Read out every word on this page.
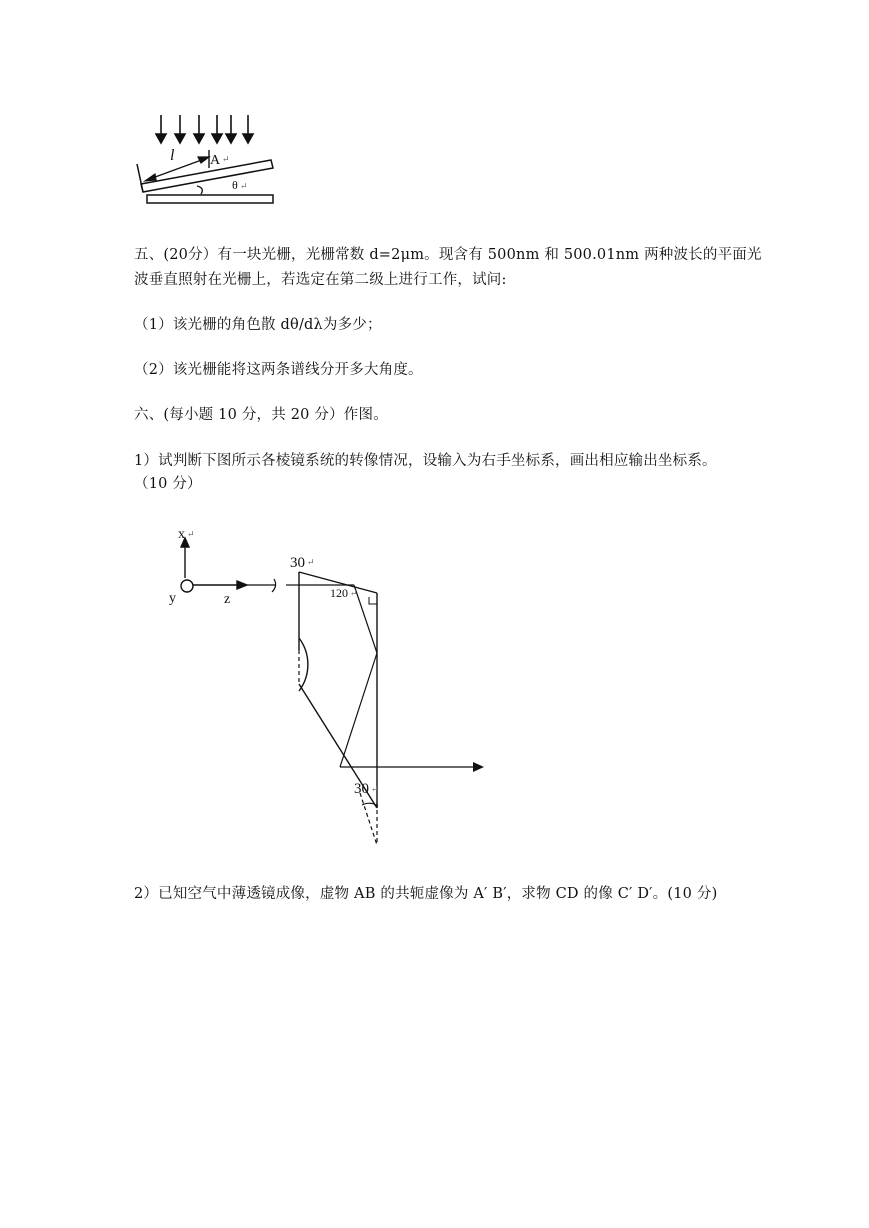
l	A ↵
θ ↵
五、(20分）有一块光栅，光栅常数 d=2μm。现含有 500nm 和 500.01nm 两种波长的平面光
波垂直照射在光栅上，若选定在第二级上进行工作，试问:
（1）该光栅的角色散 dθ/dλ为多少；
（2）该光栅能将这两条谱线分开多大角度。
六、(每小题 10 分，共 20 分）作图。
1）试判断下图所示各棱镜系统的转像情况，设输入为右手坐标系，画出相应输出坐标系。
（10 分）
x ↵
y	z
30 ↵
120 ↵
30 ↵
2）已知空气中薄透镜成像，虚物 AB 的共轭虚像为 A′ B′，求物 CD 的像 C′ D′。(10 分)
